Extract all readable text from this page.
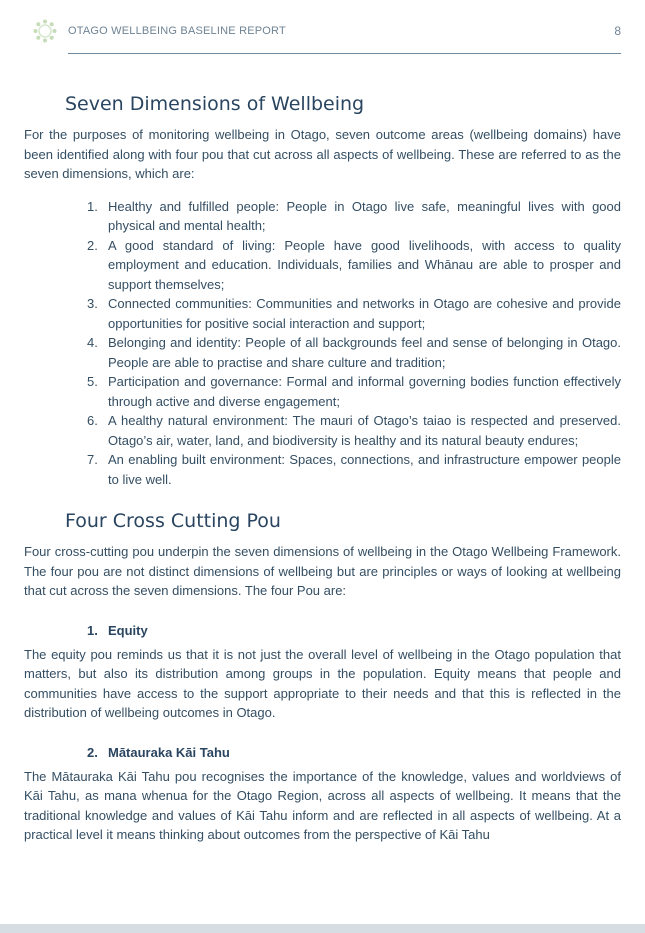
OTAGO WELLBEING BASELINE REPORT	8
Seven Dimensions of Wellbeing

For the purposes of monitoring wellbeing in Otago, seven outcome areas (wellbeing domains) have been identified along with four pou that cut across all aspects of wellbeing. These are referred to as the seven dimensions, which are:

1. Healthy and fulfilled people: People in Otago live safe, meaningful lives with good physical and mental health;
2. A good standard of living: People have good livelihoods, with access to quality employment and education. Individuals, families and Whānau are able to prosper and support themselves;
3. Connected communities: Communities and networks in Otago are cohesive and provide opportunities for positive social interaction and support;
4. Belonging and identity: People of all backgrounds feel and sense of belonging in Otago. People are able to practise and share culture and tradition;
5. Participation and governance: Formal and informal governing bodies function effectively through active and diverse engagement;
6. A healthy natural environment: The mauri of Otago’s taiao is respected and preserved. Otago’s air, water, land, and biodiversity is healthy and its natural beauty endures;
7. An enabling built environment: Spaces, connections, and infrastructure empower people to live well.
Four Cross Cutting Pou

Four cross-cutting pou underpin the seven dimensions of wellbeing in the Otago Wellbeing Framework. The four pou are not distinct dimensions of wellbeing but are principles or ways of looking at wellbeing that cut across the seven dimensions. The four Pou are:

1. Equity

The equity pou reminds us that it is not just the overall level of wellbeing in the Otago population that matters, but also its distribution among groups in the population. Equity means that people and communities have access to the support appropriate to their needs and that this is reflected in the distribution of wellbeing outcomes in Otago.

2. Mātauraka Kāi Tahu

The Mātauraka Kāi Tahu pou recognises the importance of the knowledge, values and worldviews of Kāi Tahu, as mana whenua for the Otago Region, across all aspects of wellbeing. It means that the traditional knowledge and values of Kāi Tahu inform and are reflected in all aspects of wellbeing. At a practical level it means thinking about outcomes from the perspective of Kāi Tahu
